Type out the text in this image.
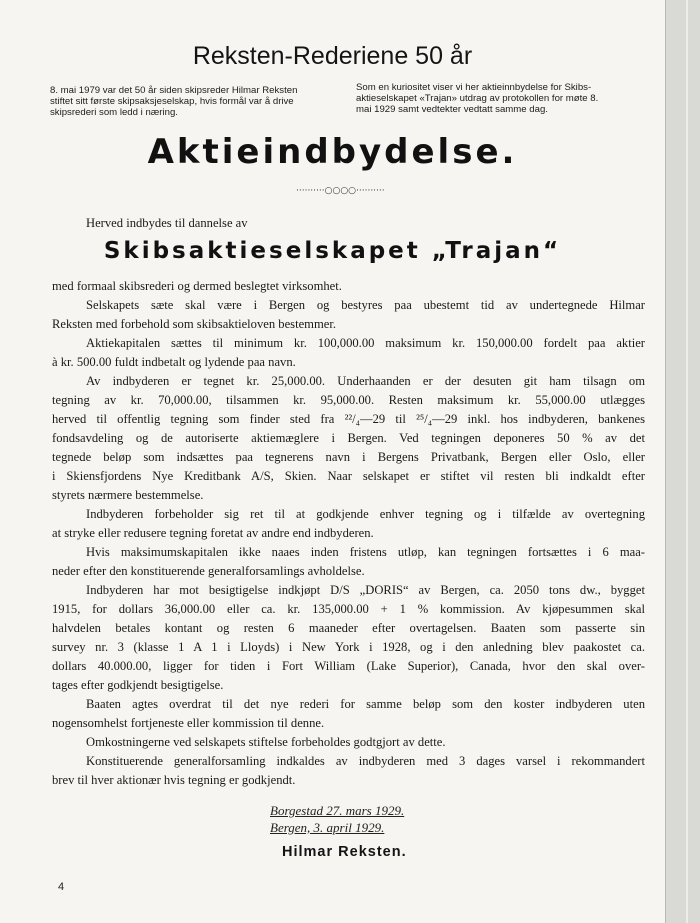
Reksten-Rederiene 50 år
8. mai 1979 var det 50 år siden skipsreder Hilmar Reksten
stiftet sitt første skipsaksjeselskap, hvis formål var å drive
skipsrederi som ledd i næring.
Som en kuriositet viser vi her aktieinnbydelse for Skibs-
aktieselskapet «Trajan» utdrag av protokollen for møte 8.
mai 1929 samt vedtekter vedtatt samme dag.
Aktieindbydelse.
··········○○○○··········
Herved indbydes til dannelse av
Skibsaktieselskapet „Trajan“
med formaal skibsrederi og dermed beslegtet virksomhet.
Selskapets sæte skal være i Bergen og bestyres paa ubestemt tid av undertegnede Hilmar
Reksten med forbehold som skibsaktieloven bestemmer.
Aktiekapitalen sættes til minimum kr. 100,000.00 maksimum kr. 150,000.00 fordelt paa aktier
à kr. 500.00 fuldt indbetalt og lydende paa navn.
Av indbyderen er tegnet kr. 25,000.00. Underhaanden er der desuten git ham tilsagn om
tegning av kr. 70,000.00, tilsammen kr. 95,000.00. Resten maksimum kr. 55,000.00 utlægges
herved til offentlig tegning som finder sted fra ²²/₄—29 til ²⁵/₄—29 inkl. hos indbyderen, bankenes
fondsavdeling og de autoriserte aktiemæglere i Bergen. Ved tegningen deponeres 50 % av det
tegnede beløp som indsættes paa tegnerens navn i Bergens Privatbank, Bergen eller Oslo, eller
i Skiensfjordens Nye Kreditbank A/S, Skien. Naar selskapet er stiftet vil resten bli indkaldt efter
styrets nærmere bestemmelse.
Indbyderen forbeholder sig ret til at godkjende enhver tegning og i tilfælde av overtegning
at stryke eller redusere tegning foretat av andre end indbyderen.
Hvis maksimumskapitalen ikke naaes inden fristens utløp, kan tegningen fortsættes i 6 maa-
neder efter den konstituerende generalforsamlings avholdelse.
Indbyderen har mot besigtigelse indkjøpt D/S „DORIS“ av Bergen, ca. 2050 tons dw., bygget
1915, for dollars 36,000.00 eller ca. kr. 135,000.00 + 1 % kommission. Av kjøpesummen skal
halvdelen betales kontant og resten 6 maaneder efter overtagelsen. Baaten som passerte sin
survey nr. 3 (klasse 1 A 1 i Lloyds) i New York i 1928, og i den anledning blev paakostet ca.
dollars 40.000.00, ligger for tiden i Fort William (Lake Superior), Canada, hvor den skal over-
tages efter godkjendt besigtigelse.
Baaten agtes overdrat til det nye rederi for samme beløp som den koster indbyderen uten
nogensomhelst fortjeneste eller kommission til denne.
Omkostningerne ved selskapets stiftelse forbeholdes godtgjort av dette.
Konstituerende generalforsamling indkaldes av indbyderen med 3 dages varsel i rekommandert
brev til hver aktionær hvis tegning er godkjendt.
Borgestad 27. mars 1929.
Bergen, 3. april 1929.
Hilmar Reksten.
4
